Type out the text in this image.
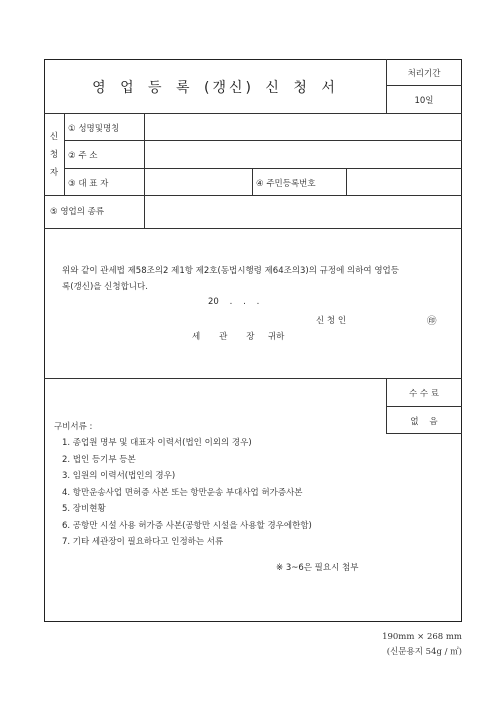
영 업 등 록 (갱신) 신 청 서
처리기간
10일
신
청
자
① 성명및명칭
② 주 소
③ 대 표 자	④ 주민등록번호
⑤ 영업의 종류
위와 같이 관세법 제58조의2 제1항 제2호(동법시행령 제64조의3)의 규정에 의하여 영업등
록(갱신)을 신청합니다.
20    .    .    .
신 청 인	㊞
세       관       장     귀하
수 수 료
없    음
구비서류 :
1. 종업원 명부 및 대표자 이력서(법인 이외의 경우)
2. 법인 등기부 등본
3. 임원의 이력서(법인의 경우)
4. 항만운송사업 면허증 사본 또는 항만운송 부대사업 허가증사본
5. 장비현황
6. 공항만 시설 사용 허가증 사본(공항만 시설을 사용할 경우에한함)
7. 기타 세관장이 필요하다고 인정하는 서류
※ 3~6은 필요시 첨부
190mm × 268 mm
(신문용지 54g / ㎡)
